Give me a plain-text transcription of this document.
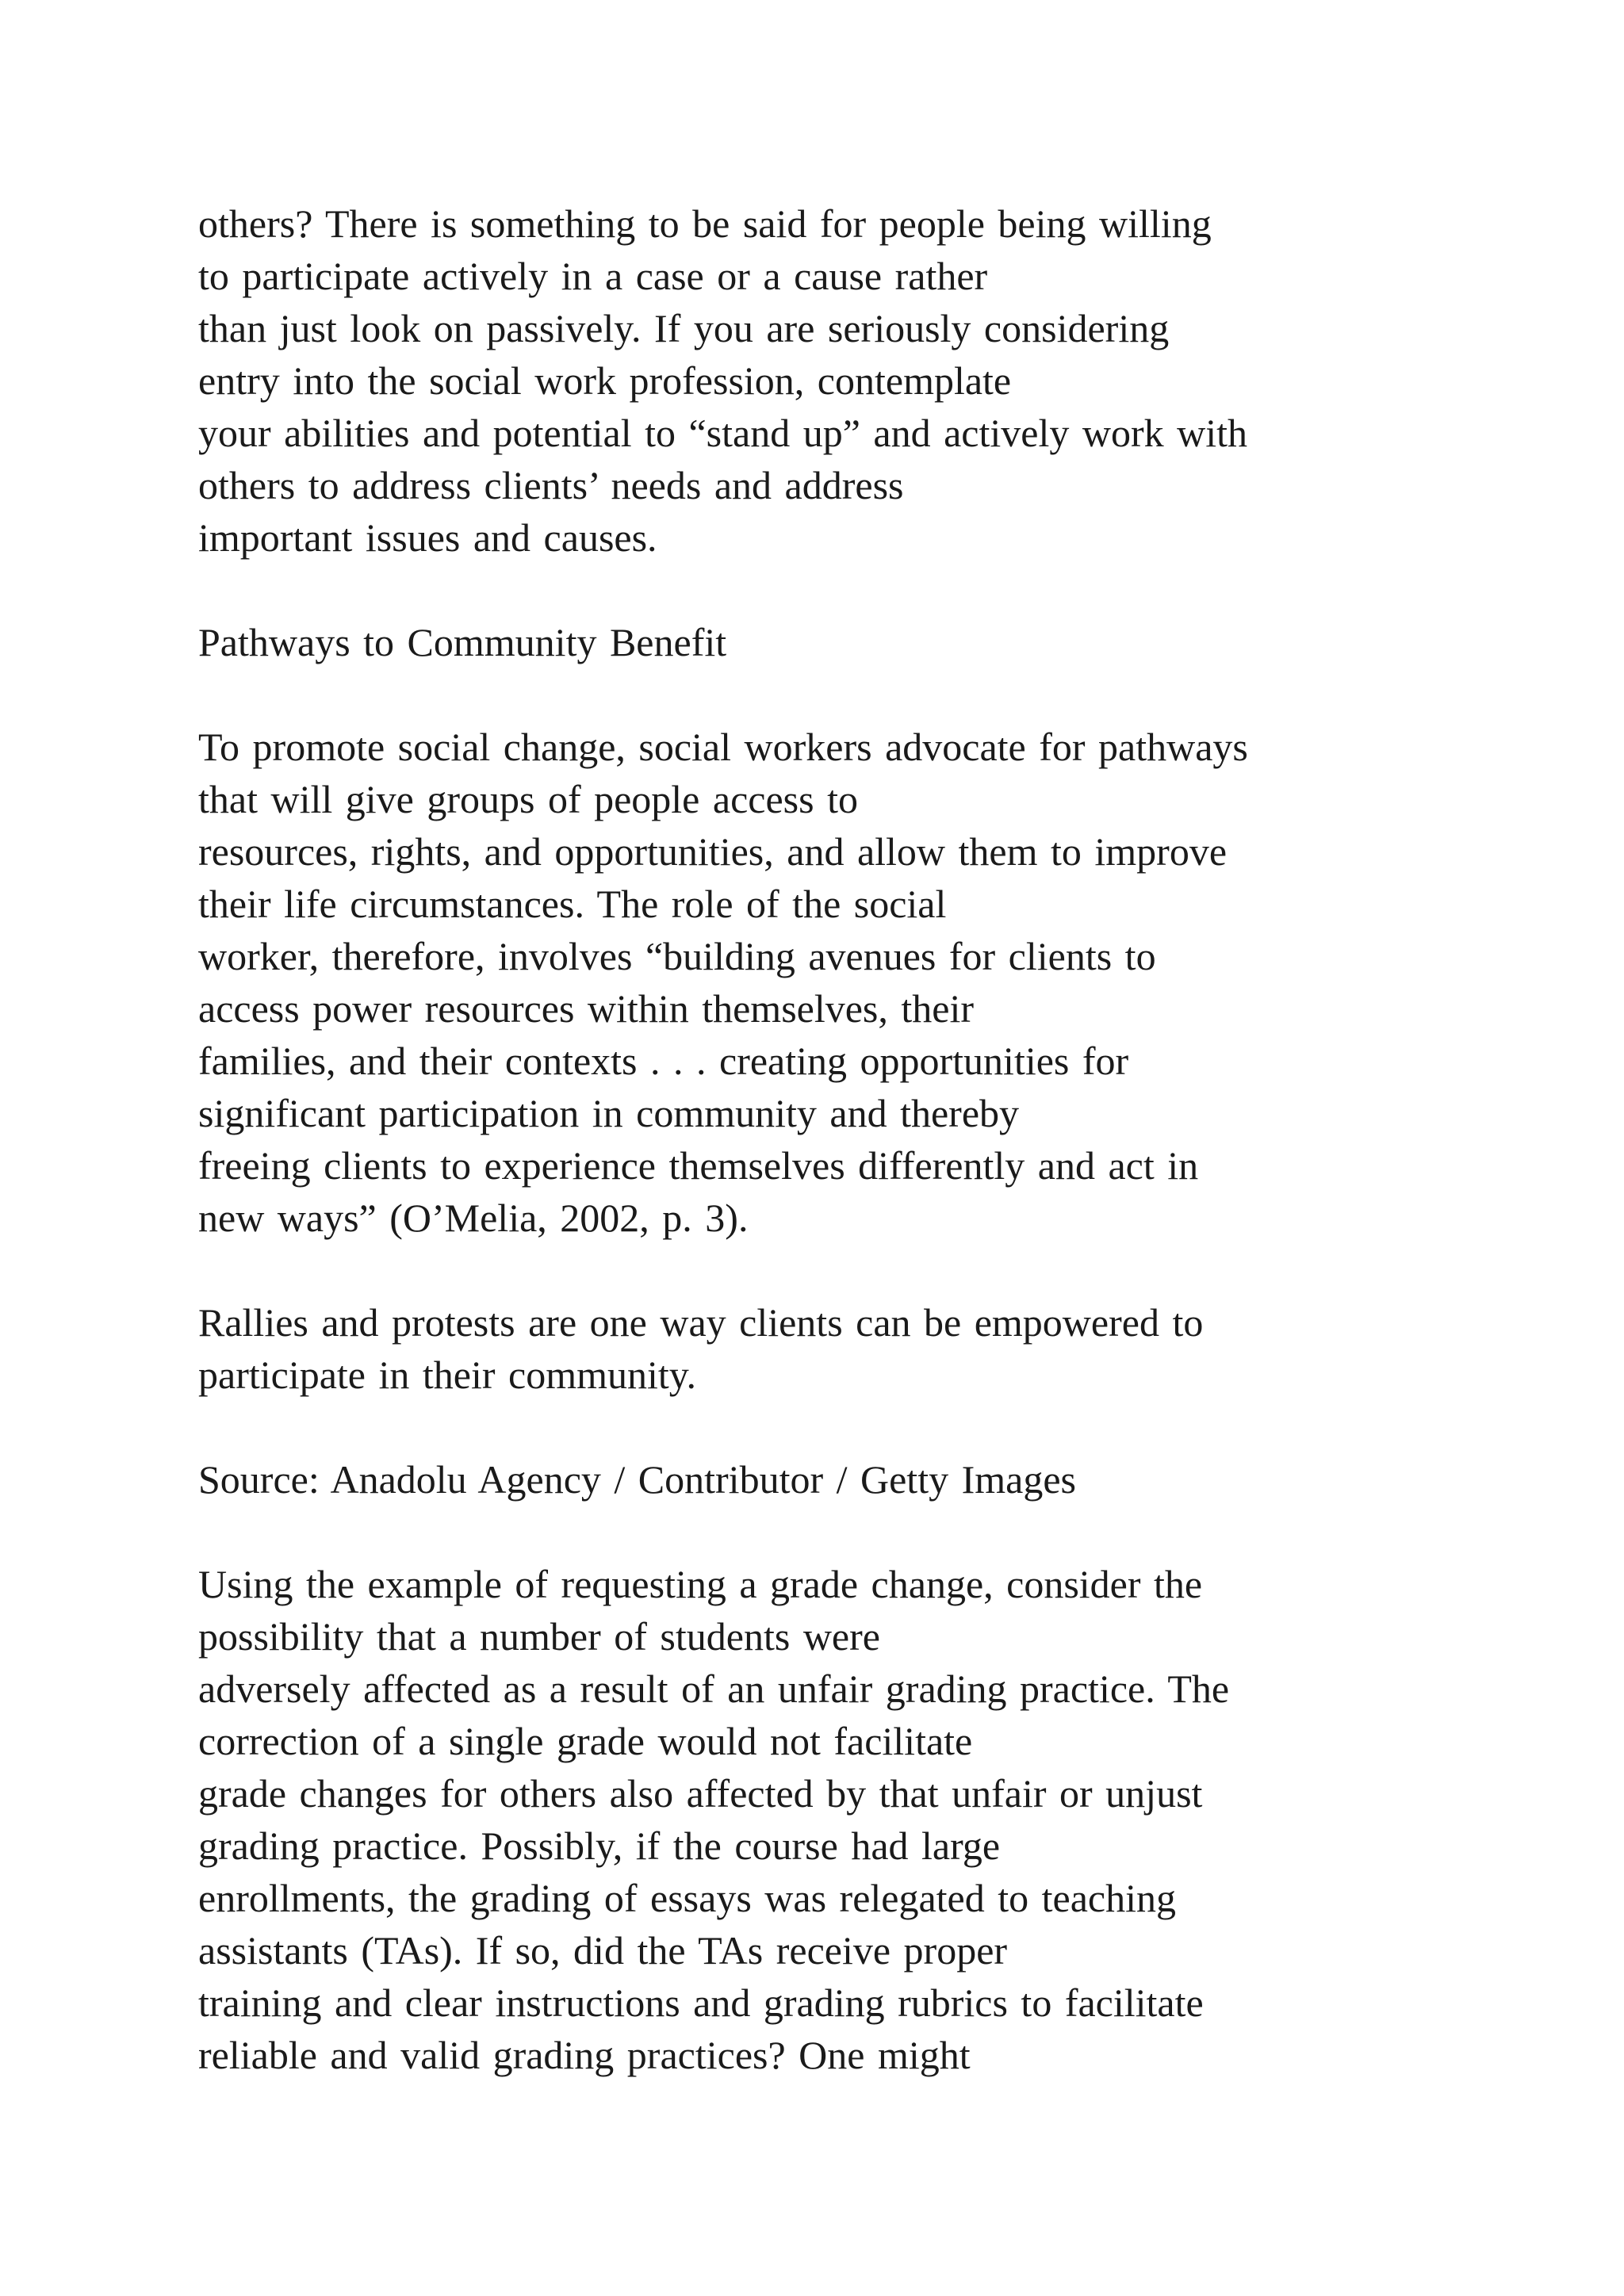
others? There is something to be said for people being willing

to participate actively in a case or a cause rather

than just look on passively. If you are seriously considering

entry into the social work profession, contemplate

your abilities and potential to “stand up” and actively work with

others to address clients’ needs and address

important issues and causes.

Pathways to Community Benefit

To promote social change, social workers advocate for pathways

that will give groups of people access to

resources, rights, and opportunities, and allow them to improve

their life circumstances. The role of the social

worker, therefore, involves “building avenues for clients to

access power resources within themselves, their

families, and their contexts . . . creating opportunities for

significant participation in community and thereby

freeing clients to experience themselves differently and act in

new ways” (O’Melia, 2002, p. 3).

Rallies and protests are one way clients can be empowered to

participate in their community.

Source: Anadolu Agency / Contributor / Getty Images

Using the example of requesting a grade change, consider the

possibility that a number of students were

adversely affected as a result of an unfair grading practice. The

correction of a single grade would not facilitate

grade changes for others also affected by that unfair or unjust

grading practice. Possibly, if the course had large

enrollments, the grading of essays was relegated to teaching

assistants (TAs). If so, did the TAs receive proper

training and clear instructions and grading rubrics to facilitate

reliable and valid grading practices? One might
